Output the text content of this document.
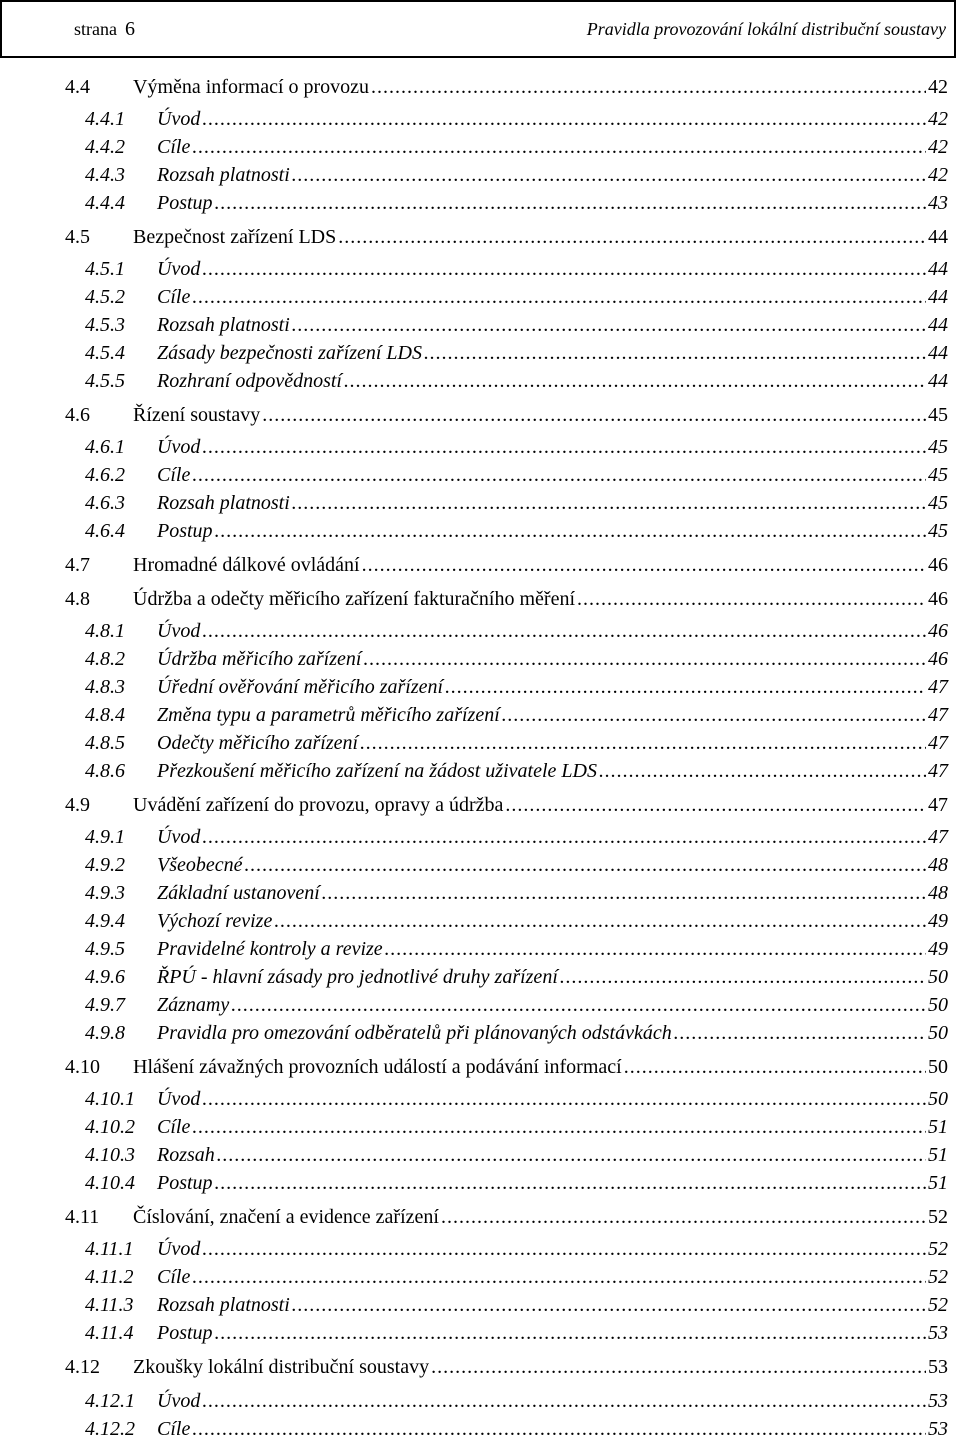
strana 6	Pravidla provozování lokální distribuční soustavy
4.4	Výměna informací o provozu .....	42
4.4.1	Úvod .....	42
4.4.2	Cíle .....	42
4.4.3	Rozsah platnosti .....	42
4.4.4	Postup .....	43
4.5	Bezpečnost zařízení LDS .....	44
4.5.1	Úvod .....	44
4.5.2	Cíle .....	44
4.5.3	Rozsah platnosti .....	44
4.5.4	Zásady bezpečnosti zařízení LDS .....	44
4.5.5	Rozhraní odpovědností .....	44
4.6	Řízení soustavy .....	45
4.6.1	Úvod .....	45
4.6.2	Cíle .....	45
4.6.3	Rozsah platnosti .....	45
4.6.4	Postup .....	45
4.7	Hromadné dálkové ovládání .....	46
4.8	Údržba a odečty měřicího zařízení fakturačního měření .....	46
4.8.1	Úvod .....	46
4.8.2	Údržba měřicího zařízení .....	46
4.8.3	Úřední ověřování měřicího zařízení .....	47
4.8.4	Změna typu a parametrů měřicího zařízení .....	47
4.8.5	Odečty měřicího zařízení .....	47
4.8.6	Přezkoušení měřicího zařízení na žádost uživatele LDS .....	47
4.9	Uvádění zařízení do provozu, opravy a údržba .....	47
4.9.1	Úvod .....	47
4.9.2	Všeobecné .....	48
4.9.3	Základní ustanovení .....	48
4.9.4	Výchozí revize .....	49
4.9.5	Pravidelné kontroly a revize .....	49
4.9.6	ŘPÚ - hlavní zásady pro jednotlivé druhy zařízení .....	50
4.9.7	Záznamy .....	50
4.9.8	Pravidla pro omezování odběratelů při plánovaných odstávkách .....	50
4.10	Hlášení závažných provozních událostí a podávání informací .....	50
4.10.1	Úvod .....	50
4.10.2	Cíle .....	51
4.10.3	Rozsah .....	51
4.10.4	Postup .....	51
4.11	Číslování, značení a evidence zařízení .....	52
4.11.1	Úvod .....	52
4.11.2	Cíle .....	52
4.11.3	Rozsah platnosti .....	52
4.11.4	Postup .....	53
4.12	Zkoušky lokální distribuční soustavy .....	53
4.12.1	Úvod .....	53
4.12.2	Cíle .....	53
